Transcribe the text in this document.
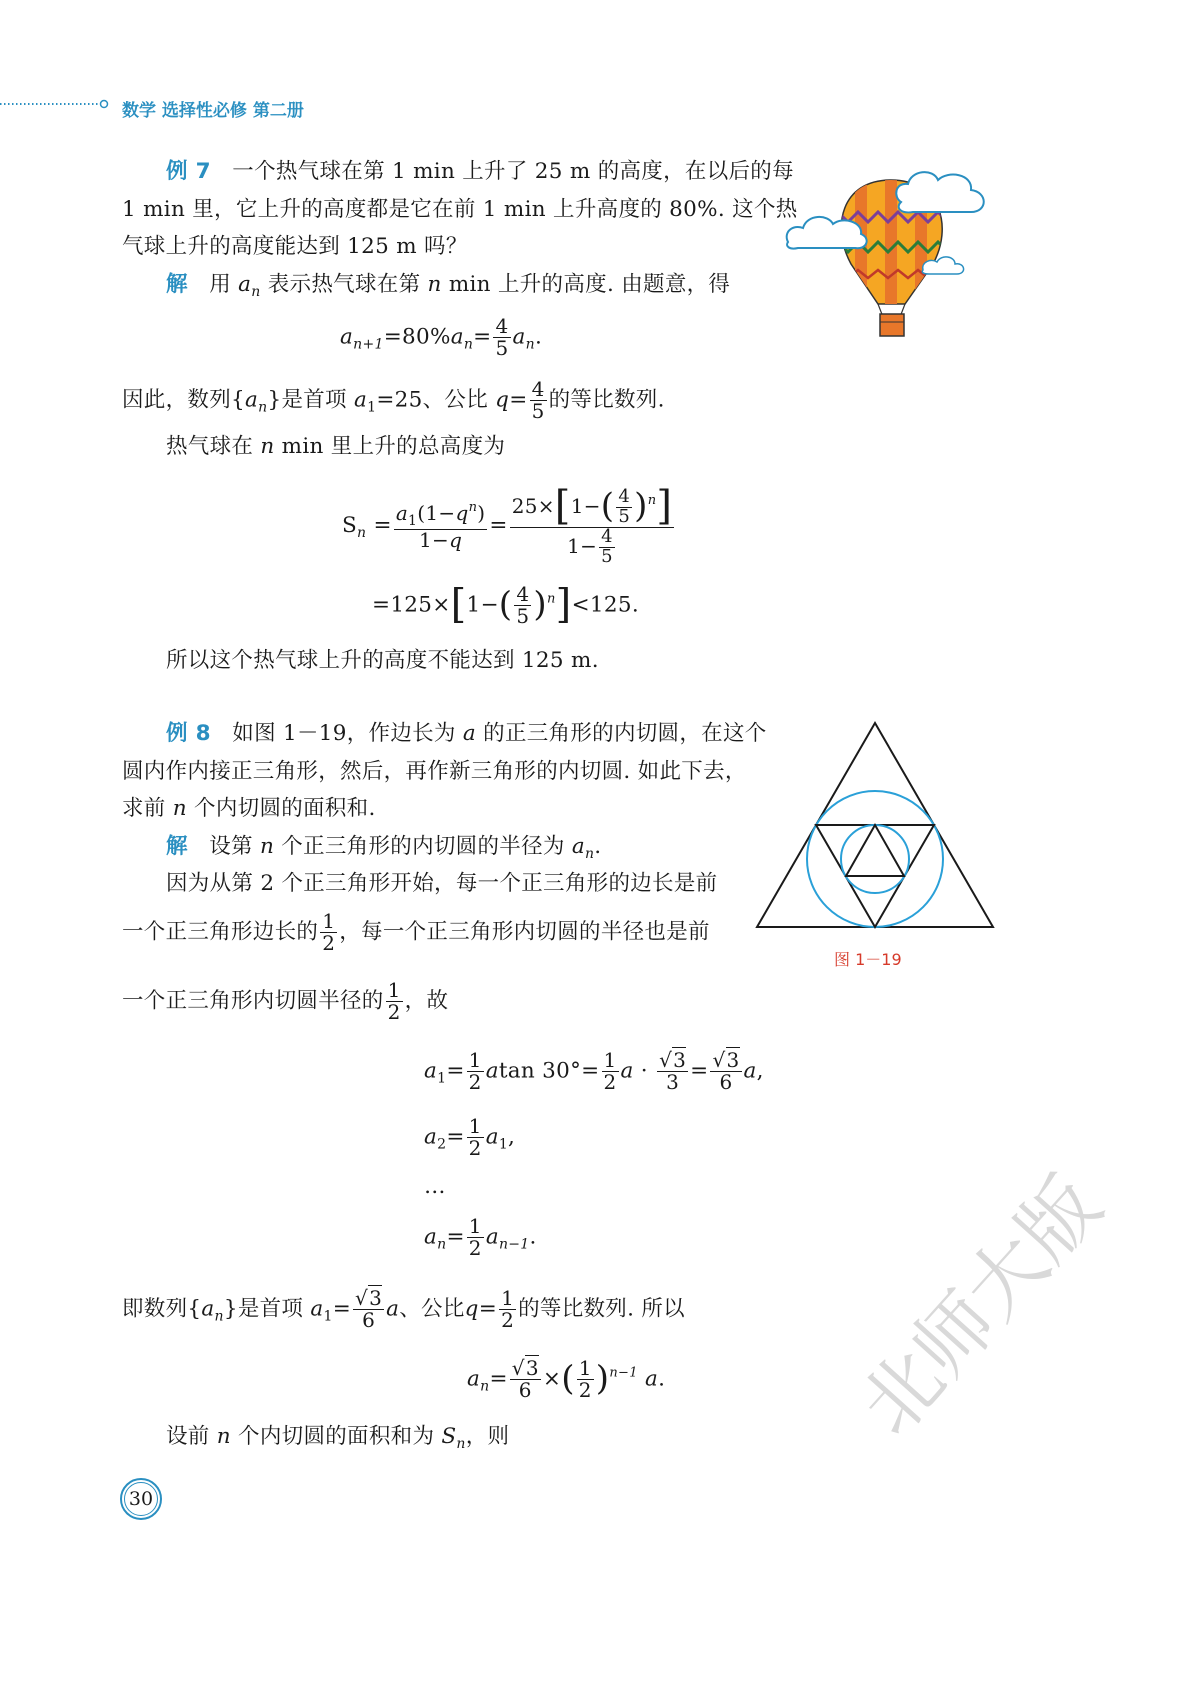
数学 选择性必修 第二册
例 7 一个热气球在第 1 min 上升了 25 m 的高度，在以后的每
1 min 里，它上升的高度都是它在前 1 min 上升高度的 80%. 这个热
气球上升的高度能达到 125 m 吗？
解 用 $a_n$ 表示热气球在第 n min 上升的高度. 由题意，得
$a_{n+1}=80\%a_n= \frac{4}{5} a_n$.
因此，数列$\{a_n\}$是首项 $a_1=25$、公比 $q= \frac{4}{5}$ 的等比数列.
热气球在 n min 里上升的总高度为
$S_n = \frac{a_1(1-q^n)}{1-q} = \frac{25\times[1-( \frac{4}{5} )^n]}{1- \frac{4}{5}}$
$=125\times[1-( \frac{4}{5} )^n]<125$.
所以这个热气球上升的高度不能达到 125 m.
例 8 如图 1－19，作边长为 a 的正三角形的内切圆，在这个
圆内作内接正三角形，然后，再作新三角形的内切圆. 如此下去，
求前 n 个内切圆的面积和.
解 设第 n 个正三角形的内切圆的半径为 $a_n$.
因为从第 2 个正三角形开始，每一个正三角形的边长是前
一个正三角形边长的 $\frac{1}{2}$ ，每一个正三角形内切圆的半径也是前
一个正三角形内切圆半径的 $\frac{1}{2}$ ，故
$a_1= \frac{1}{2}$ atan $30^\circ= \frac{1}{2}$ $a \cdot \frac{√3}{3} = \frac{√3}{6} a$,
$a_2= \frac{1}{2} a_1$,
…
$a_n= \frac{1}{2} a_{n-1}$.
即数列$\{a_n\}$是首项 $a_1= \frac{√3}{6}$ a、公比$q= \frac{1}{2}$ 的等比数列. 所以
$a_n= \frac{√3}{6}$ ×( $\frac{1}{2} )^{n-1}$ a.
设前 n 个内切圆的面积和为 $S_n$，则
图 1－19
30
北师大版
